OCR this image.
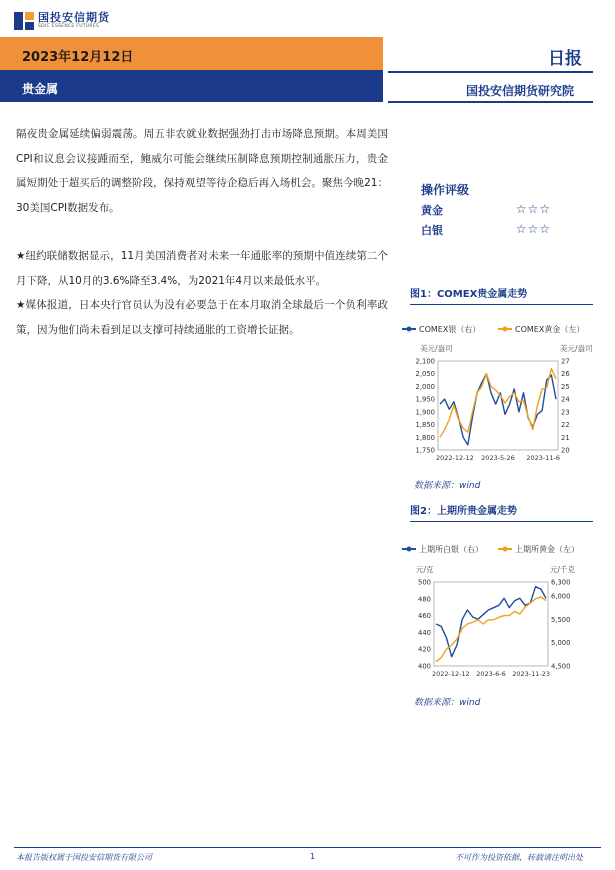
国投安信期货
SDIC ESSENCE FUTURES
2023年12月12日
贵金属
日报
国投安信期货研究院

隔夜贵金属延续偏弱震荡。周五非农就业数据强劲打击市场降息预期。本周美国CPI和议息会议接踵而至，鲍威尔可能会继续压制降息预期控制通胀压力，贵金属短期处于超买后的调整阶段，保持观望等待企稳后再入场机会。聚焦今晚21：30美国CPI数据发布。

★纽约联储数据显示，11月美国消费者对未来一年通胀率的预期中值连续第二个月下降，从10月的3.6%降至3.4%，为2021年4月以来最低水平。

★媒体报道，日本央行官员认为没有必要急于在本月取消全球最后一个负利率政策，因为他们尚未看到足以支撑可持续通胀的工资增长证据。

操作评级
黄金	☆☆☆
白银	☆☆☆
图1：COMEX贵金属走势
COMEX银（右）	COMEX黄金（左）
美元/盎司	美元/盎司
1,750
1,800
1,850
1,900
1,950
2,000
2,050
2,100
20
21
22
23
24
25
26
27
2022-12-12 2023-5-26 2023-11-6
数据来源：wind
图2：上期所贵金属走势
上期所白银（右）	上期所黄金（左）
元/克	元/千克
400
420
440
460
480
500
4,500
5,000
5,500
6,000
6,300
2022-12-12 2023-6-6 2023-11-23
数据来源：wind
本报告版权属于国投安信期货有限公司	1	不可作为投资依据，转载请注明出处
